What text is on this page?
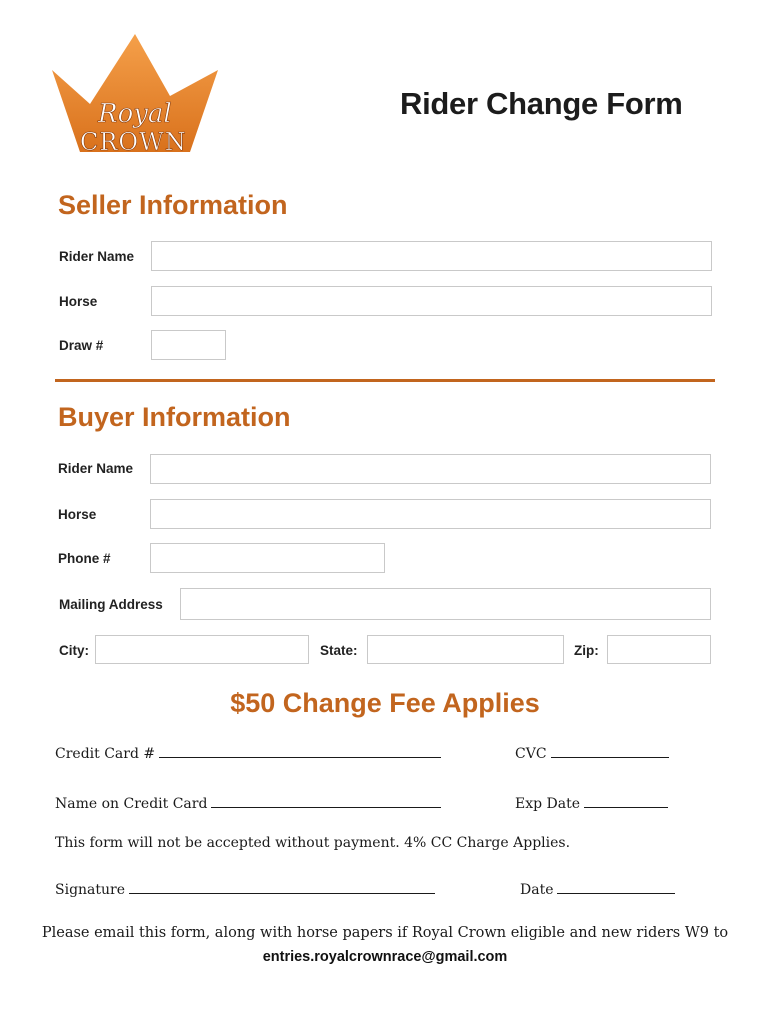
Royal
CROWN
Rider Change Form
Seller Information
Rider Name
Horse
Draw #
Buyer Information
Rider Name
Horse
Phone #
Mailing Address
City:	State:	Zip:
$50 Change Fee Applies
Credit Card #	CVC
Name on Credit Card	Exp Date
This form will not be accepted without payment. 4% CC Charge Applies.
Signature	Date
Please email this form, along with horse papers if Royal Crown eligible and new riders W9 to
entries.royalcrownrace@gmail.com
